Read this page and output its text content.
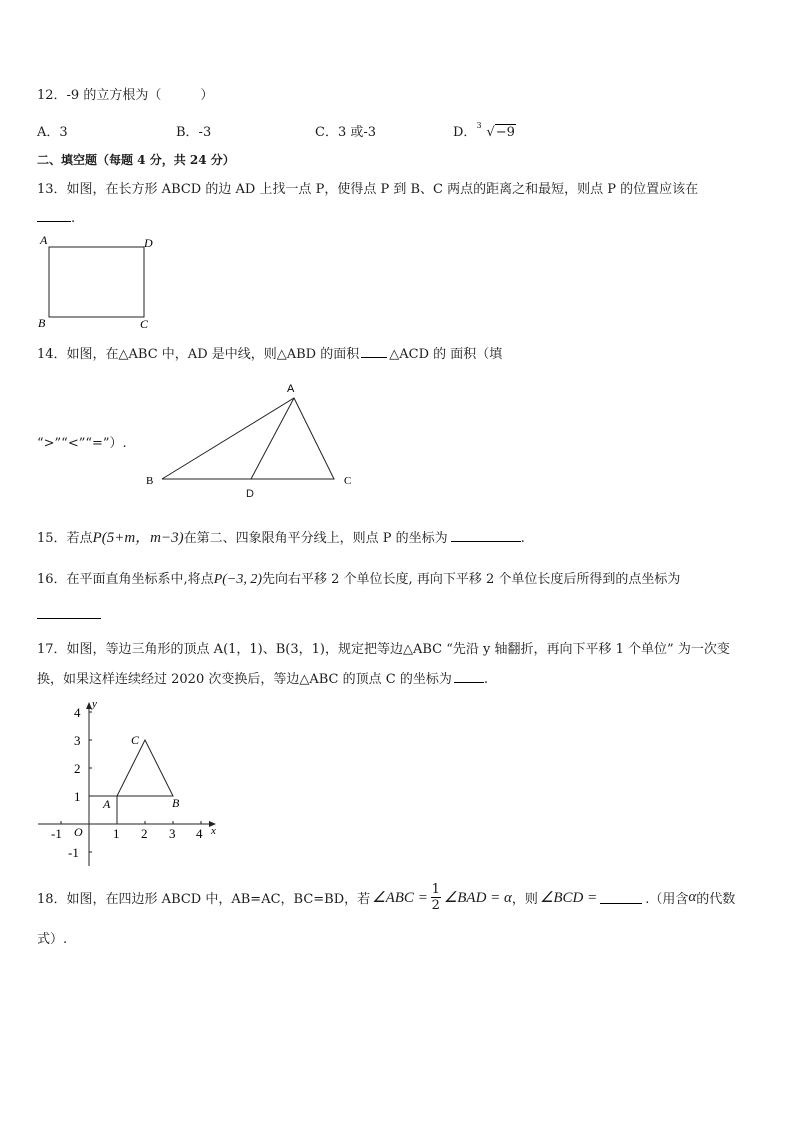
12．-9 的立方根为（　　　）
A．3	B．-3	C．3 或-3	D． 3 √−9
二、填空题（每题 4 分，共 24 分）
13．如图，在长方形 ABCD 的边 AD 上找一点 P，使得点 P 到 B、C 两点的距离之和最短，则点 P 的位置应该在
.
A	D
B	C
14．如图，在△ABC 中，AD 是中线，则△ABD 的面积 △ACD 的 面积（填
“>”“<”“=”）.
A
B	C
D
15．若点P(5+m，m−3)在第二、四象限角平分线上，则点 P 的坐标为	.
16．在平面直角坐标系中,将点P(−3, 2)先向右平移 2 个单位长度, 再向下平移 2 个单位长度后所得到的点坐标为
17．如图，等边三角形的顶点 A(1，1)、B(3，1)，规定把等边△ABC “先沿 y 轴翻折，再向下平移 1 个单位” 为一次变
换，如果这样连续经过 2020 次变换后，等边△ABC 的顶点 C 的坐标为 .
-1	1 2 3 4
4
3
2
1
-1
O	x
y
A	B
C
18．如图，在四边形 ABCD 中，AB=AC，BC=BD，若 ∠ABC =
1
2 ∠BAD = α ，则 ∠BCD =	.（用含 α 的代数
式）.
